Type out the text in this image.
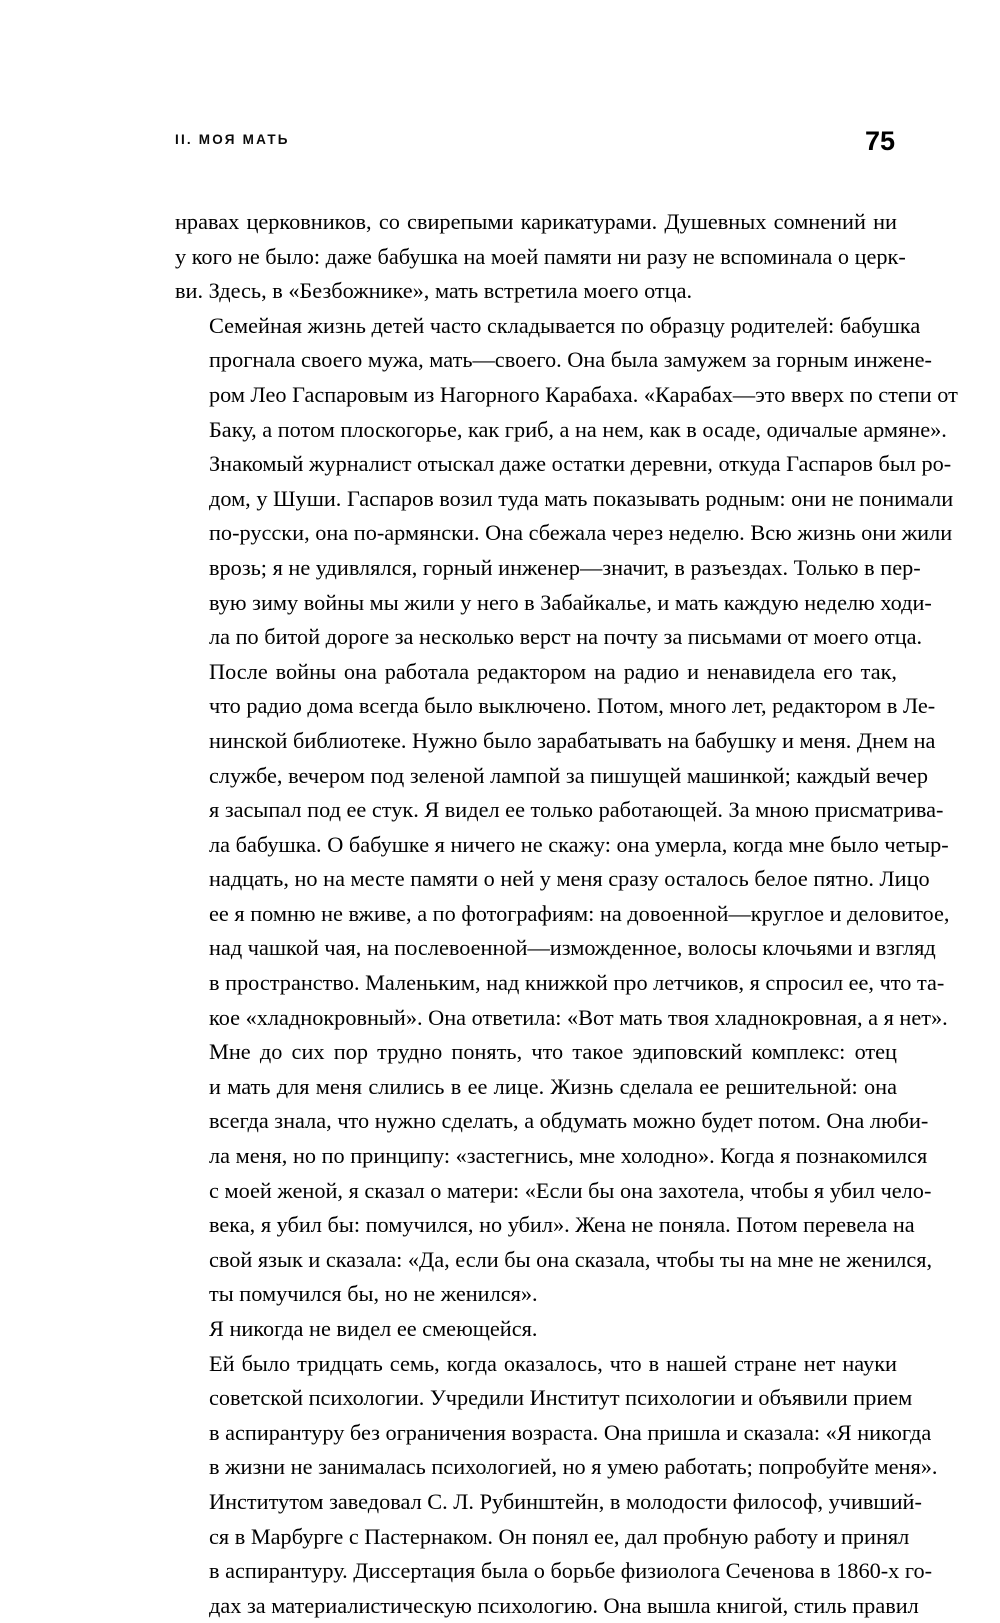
II. МОЯ МАТЬ	75

нравах церковников, со свирепыми карикатурами. Душевных сомнений ни
у кого не было: даже бабушка на моей памяти ни разу не вспоминала о церк-
ви. Здесь, в «Безбожнике», мать встретила моего отца.

Семейная жизнь детей часто складывается по образцу родителей: бабушка
прогнала своего мужа, мать—своего. Она была замужем за горным инжене-
ром Лео Гаспаровым из Нагорного Карабаха. «Карабах—это вверх по степи от
Баку, а потом плоскогорье, как гриб, а на нем, как в осаде, одичалые армяне».
Знакомый журналист отыскал даже остатки деревни, откуда Гаспаров был ро-
дом, у Шуши. Гаспаров возил туда мать показывать родным: они не понимали
по-русски, она по-армянски. Она сбежала через неделю. Всю жизнь они жили
врозь; я не удивлялся, горный инженер—значит, в разъездах. Только в пер-
вую зиму войны мы жили у него в Забайкалье, и мать каждую неделю ходи-
ла по битой дороге за несколько верст на почту за письмами от моего отца.

После войны она работала редактором на радио и ненавидела его так,
что радио дома всегда было выключено. Потом, много лет, редактором в Ле-
нинской библиотеке. Нужно было зарабатывать на бабушку и меня. Днем на
службе, вечером под зеленой лампой за пишущей машинкой; каждый вечер
я засыпал под ее стук. Я видел ее только работающей. За мною присматрива-
ла бабушка. О бабушке я ничего не скажу: она умерла, когда мне было четыр-
надцать, но на месте памяти о ней у меня сразу осталось белое пятно. Лицо
ее я помню не вживе, а по фотографиям: на довоенной—круглое и деловитое,
над чашкой чая, на послевоенной—изможденное, волосы клочьями и взгляд
в пространство. Маленьким, над книжкой про летчиков, я спросил ее, что та-
кое «хладнокровный». Она ответила: «Вот мать твоя хладнокровная, а я нет».

Мне до сих пор трудно понять, что такое эдиповский комплекс: отец
и мать для меня слились в ее лице. Жизнь сделала ее решительной: она
всегда знала, что нужно сделать, а обдумать можно будет потом. Она люби-
ла меня, но по принципу: «застегнись, мне холодно». Когда я познакомился
с моей женой, я сказал о матери: «Если бы она захотела, чтобы я убил чело-
века, я убил бы: помучился, но убил». Жена не поняла. Потом перевела на
свой язык и сказала: «Да, если бы она сказала, чтобы ты на мне не женился,
ты помучился бы, но не женился».

Я никогда не видел ее смеющейся.

Ей было тридцать семь, когда оказалось, что в нашей стране нет науки
советской психологии. Учредили Институт психологии и объявили прием
в аспирантуру без ограничения возраста. Она пришла и сказала: «Я никогда
в жизни не занималась психологией, но я умею работать; попробуйте меня».
Институтом заведовал С. Л. Рубинштейн, в молодости философ, учивший-
ся в Марбурге с Пастернаком. Он понял ее, дал пробную работу и принял
в аспирантуру. Диссертация была о борьбе физиолога Сеченова в 1860-х го-
дах за материалистическую психологию. Она вышла книгой, стиль правил
